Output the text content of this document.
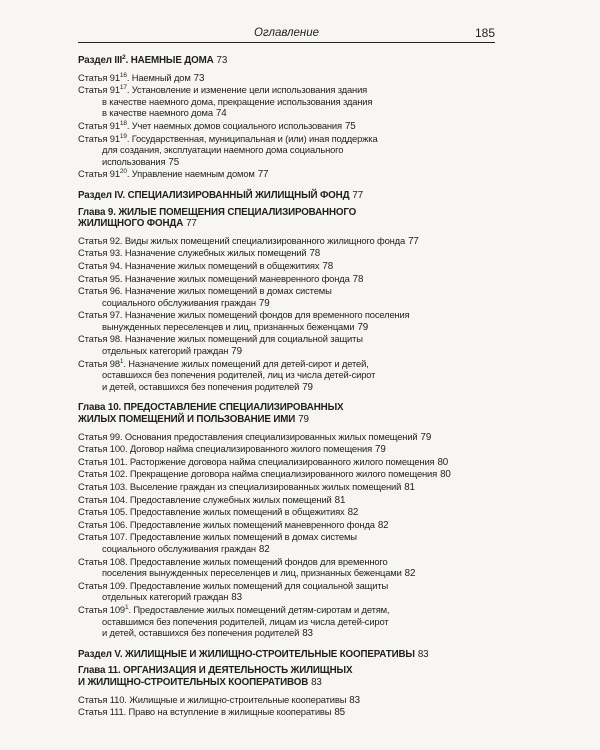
Оглавление	185
Раздел III$^2$. НАЕМНЫЕ ДОМА 73
Статья $91^{16}$. Наемный дом 73
Статья $91^{17}$. Установление и изменение цели использования здания
в качестве наемного дома, прекращение использования здания
в качестве наемного дома 74
Статья $91^{18}$. Учет наемных домов социального использования 75
Статья $91^{19}$. Государственная, муниципальная и (или) иная поддержка
для создания, эксплуатации наемного дома социального
использования 75
Статья $91^{20}$. Управление наемным домом 77
Раздел IV. СПЕЦИАЛИЗИРОВАННЫЙ ЖИЛИЩНЫЙ ФОНД 77
Глава 9. ЖИЛЫЕ ПОМЕЩЕНИЯ СПЕЦИАЛИЗИРОВАННОГО
ЖИЛИЩНОГО ФОНДА 77
Статья 92. Виды жилых помещений специализированного жилищного фонда 77
Статья 93. Назначение служебных жилых помещений 78
Статья 94. Назначение жилых помещений в общежитиях 78
Статья 95. Назначение жилых помещений маневренного фонда 78
Статья 96. Назначение жилых помещений в домах системы
социального обслуживания граждан 79
Статья 97. Назначение жилых помещений фондов для временного поселения
вынужденных переселенцев и лиц, признанных беженцами 79
Статья 98. Назначение жилых помещений для социальной защиты
отдельных категорий граждан 79
Статья $98^1$. Назначение жилых помещений для детей-сирот и детей,
оставшихся без попечения родителей, лиц из числа детей-сирот
и детей, оставшихся без попечения родителей 79
Глава 10. ПРЕДОСТАВЛЕНИЕ СПЕЦИАЛИЗИРОВАННЫХ
ЖИЛЫХ ПОМЕЩЕНИЙ И ПОЛЬЗОВАНИЕ ИМИ 79
Статья 99. Основания предоставления специализированных жилых помещений 79
Статья 100. Договор найма специализированного жилого помещения 79
Статья 101. Расторжение договора найма специализированного жилого помещения 80
Статья 102. Прекращение договора найма специализированного жилого помещения 80
Статья 103. Выселение граждан из специализированных жилых помещений 81
Статья 104. Предоставление служебных жилых помещений 81
Статья 105. Предоставление жилых помещений в общежитиях 82
Статья 106. Предоставление жилых помещений маневренного фонда 82
Статья 107. Предоставление жилых помещений в домах системы
социального обслуживания граждан 82
Статья 108. Предоставление жилых помещений фондов для временного
поселения вынужденных переселенцев и лиц, признанных беженцами 82
Статья 109. Предоставление жилых помещений для социальной защиты
отдельных категорий граждан 83
Статья $109^1$. Предоставление жилых помещений детям-сиротам и детям,
оставшимся без попечения родителей, лицам из числа детей-сирот
и детей, оставшихся без попечения родителей 83
Раздел V. ЖИЛИЩНЫЕ И ЖИЛИЩНО-СТРОИТЕЛЬНЫЕ КООПЕРАТИВЫ 83
Глава 11. ОРГАНИЗАЦИЯ И ДЕЯТЕЛЬНОСТЬ ЖИЛИЩНЫХ
И ЖИЛИЩНО-СТРОИТЕЛЬНЫХ КООПЕРАТИВОВ 83
Статья 110. Жилищные и жилищно-строительные кооперативы 83
Статья 111. Право на вступление в жилищные кооперативы 85
